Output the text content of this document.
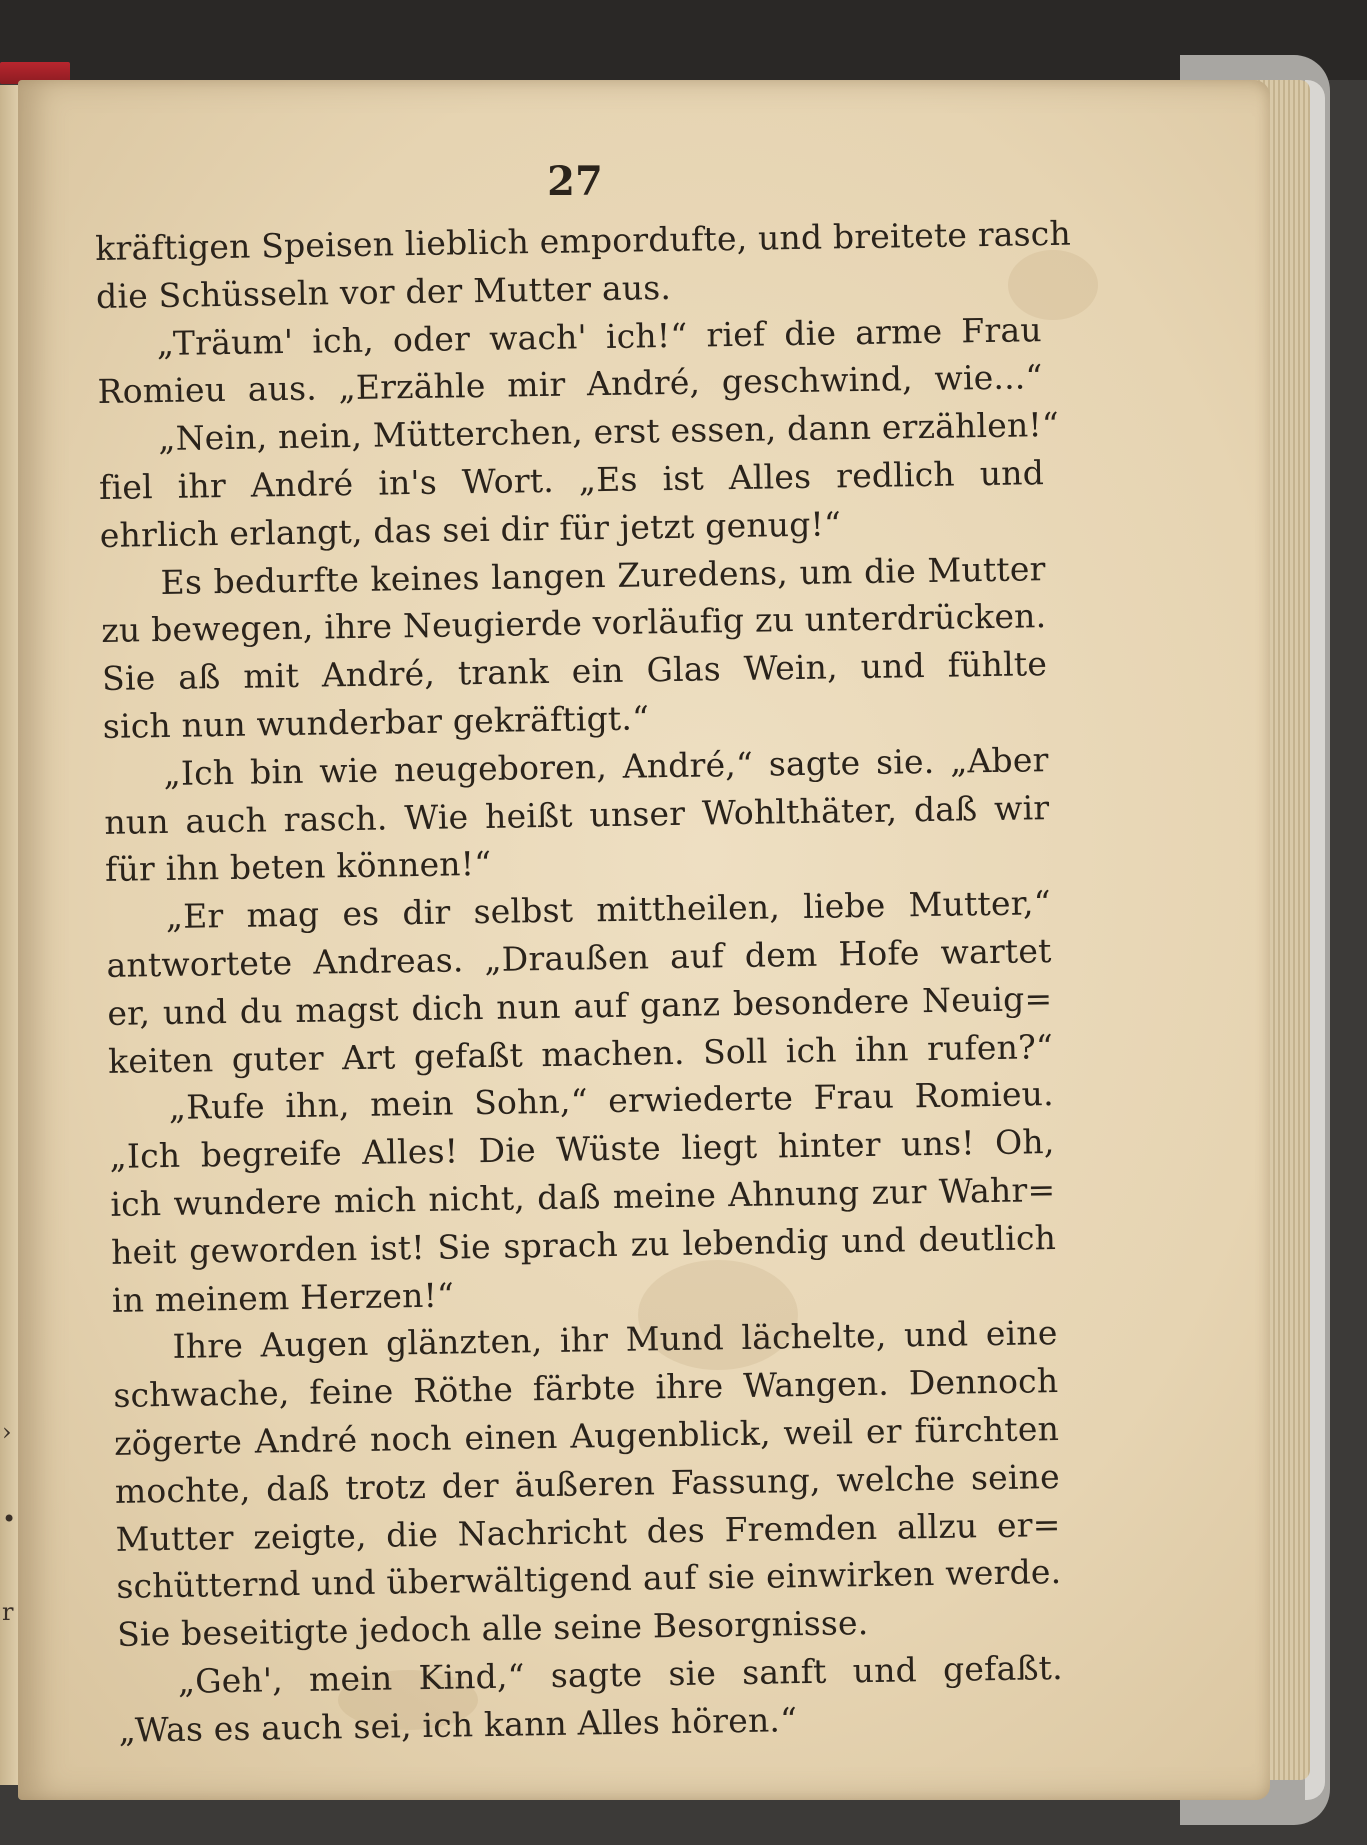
›
•
r
27
kräftigen Speisen lieblich empordufte, und breitete rasch
die Schüsseln vor der Mutter aus.
„Träum' ich, oder wach' ich!“ rief die arme Frau
Romieu aus. „Erzähle mir André, geschwind, wie...“
„Nein, nein, Mütterchen, erst essen, dann erzählen!“
fiel ihr André in's Wort. „Es ist Alles redlich und
ehrlich erlangt, das sei dir für jetzt genug!“
Es bedurfte keines langen Zuredens, um die Mutter
zu bewegen, ihre Neugierde vorläufig zu unterdrücken.
Sie aß mit André, trank ein Glas Wein, und fühlte
sich nun wunderbar gekräftigt.“
„Ich bin wie neugeboren, André,“ sagte sie. „Aber
nun auch rasch. Wie heißt unser Wohlthäter, daß wir
für ihn beten können!“
„Er mag es dir selbst mittheilen, liebe Mutter,“
antwortete Andreas. „Draußen auf dem Hofe wartet
er, und du magst dich nun auf ganz besondere Neuig=
keiten guter Art gefaßt machen. Soll ich ihn rufen?“
„Rufe ihn, mein Sohn,“ erwiederte Frau Romieu.
„Ich begreife Alles! Die Wüste liegt hinter uns! Oh,
ich wundere mich nicht, daß meine Ahnung zur Wahr=
heit geworden ist! Sie sprach zu lebendig und deutlich
in meinem Herzen!“
Ihre Augen glänzten, ihr Mund lächelte, und eine
schwache, feine Röthe färbte ihre Wangen. Dennoch
zögerte André noch einen Augenblick, weil er fürchten
mochte, daß trotz der äußeren Fassung, welche seine
Mutter zeigte, die Nachricht des Fremden allzu er=
schütternd und überwältigend auf sie einwirken werde.
Sie beseitigte jedoch alle seine Besorgnisse.
„Geh', mein Kind,“ sagte sie sanft und gefaßt.
„Was es auch sei, ich kann Alles hören.“
